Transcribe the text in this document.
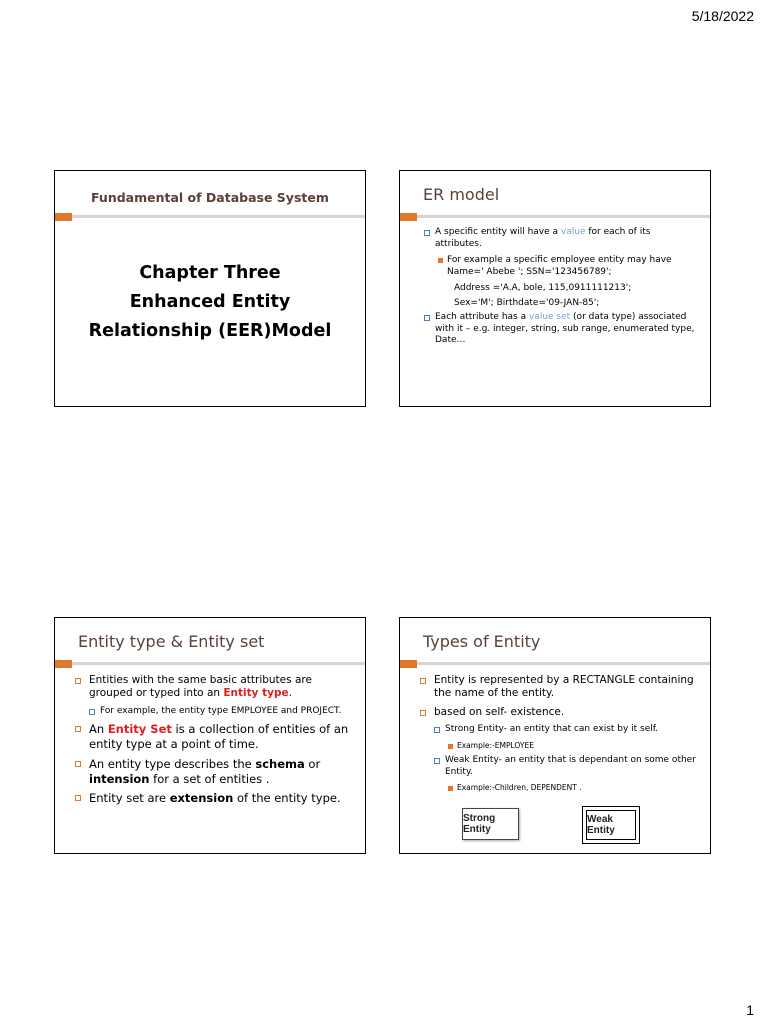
5/18/2022
Fundamental of Database System
Chapter Three
Enhanced Entity
Relationship (EER)Model
ER model
A specific entity will have a value for each of its attributes.
For example a specific employee entity may have Name=' Abebe '; SSN='123456789';
Address ='A.A, bole, 115,0911111213';
Sex='M'; Birthdate='09-JAN-85';
Each attribute has a value set (or data type) associated with it – e.g. integer, string, sub range, enumerated type, Date…
Entity type & Entity set
Entities with the same basic attributes are grouped or typed into an Entity type.
For example, the entity type EMPLOYEE and PROJECT.
An Entity Set is a collection of entities of an entity type at a point of time.
An entity type describes the schema or intension for a set of entities .
Entity set are extension of the entity type.
Types of Entity
Entity is represented by a RECTANGLE containing the name of the entity.
based on self- existence.
Strong Entity- an entity that can exist by it self.
Example:-EMPLOYEE
Weak Entity- an entity that is dependant on some other Entity.
Example:-Children, DEPENDENT .
Strong Entity
Weak Entity
1
